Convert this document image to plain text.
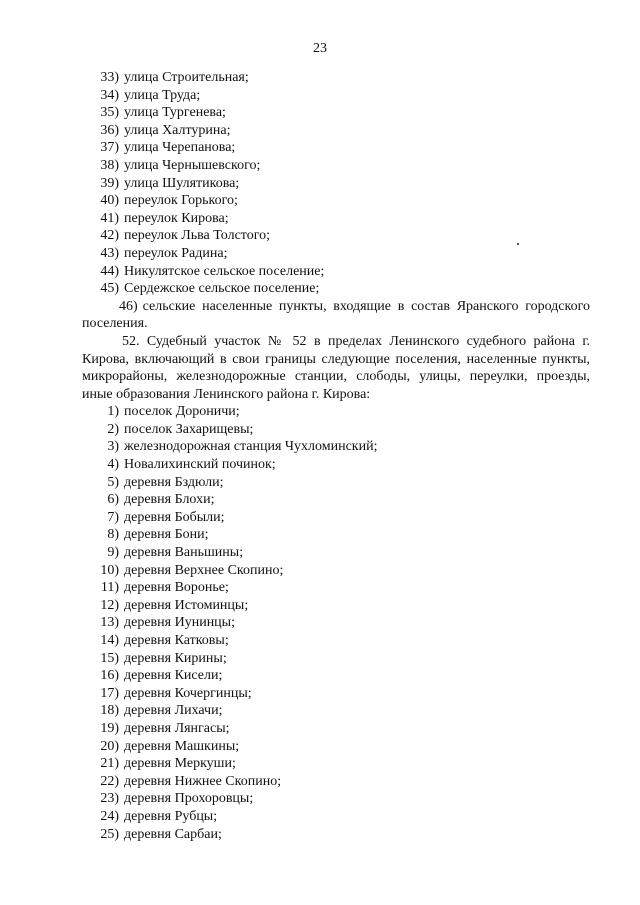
23
33) улица Строительная;
34) улица Труда;
35) улица Тургенева;
36) улица Халтурина;
37) улица Черепанова;
38) улица Чернышевского;
39) улица Шулятикова;
40) переулок Горького;
41) переулок Кирова;
42) переулок Льва Толстого;
43) переулок Радина;
44) Никулятское сельское поселение;
45) Сердежское сельское поселение;

46) сельские населенные пункты, входящие в состав Яранского городского поселения.

52. Судебный участок № 52 в пределах Ленинского судебного района г. Кирова, включающий в свои границы следующие поселения, населенные пункты, микрорайоны, железнодорожные станции, слободы, улицы, переулки, проезды, иные образования Ленинского района г. Кирова:

1) поселок Дороничи;
2) поселок Захарищевы;
3) железнодорожная станция Чухломинский;
4) Новалихинский починок;
5) деревня Бздюли;
6) деревня Блохи;
7) деревня Бобыли;
8) деревня Бони;
9) деревня Ваньшины;
10) деревня Верхнее Скопино;
11) деревня Воронье;
12) деревня Истоминцы;
13) деревня Иунинцы;
14) деревня Катковы;
15) деревня Кирины;
16) деревня Кисели;
17) деревня Кочергинцы;
18) деревня Лихачи;
19) деревня Лянгасы;
20) деревня Машкины;
21) деревня Меркуши;
22) деревня Нижнее Скопино;
23) деревня Прохоровцы;
24) деревня Рубцы;
25) деревня Сарбаи;
